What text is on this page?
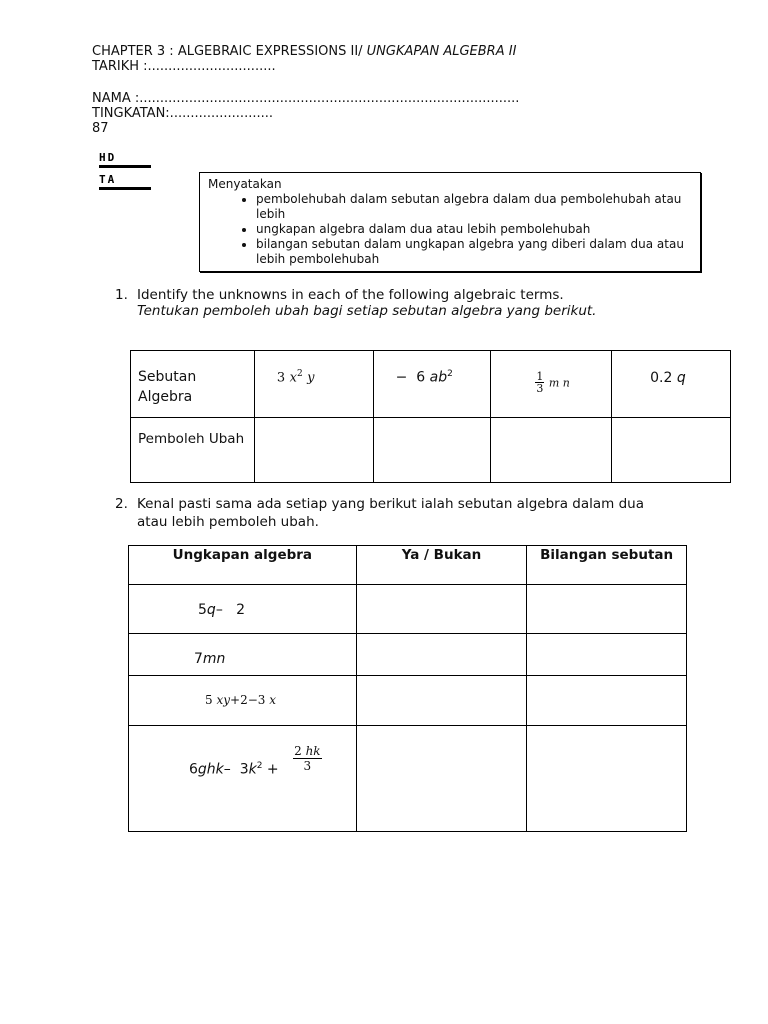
CHAPTER 3 : ALGEBRAIC EXPRESSIONS II/ UNGKAPAN ALGEBRA II
TARIKH :...............................
NAMA :............................................................................................
TINGKATAN:.........................
87
HD
TA	Menyatakan
• pembolehubah dalam sebutan algebra dalam dua pembolehubah atau lebih
• ungkapan algebra dalam dua atau lebih pembolehubah
• bilangan sebutan dalam ungkapan algebra yang diberi dalam dua atau lebih pembolehubah
1. Identify the unknowns in each of the following algebraic terms.
Tentukan pemboleh ubah bagi setiap sebutan algebra yang berikut.
Sebutan Algebra	3 $x^2$ y	− 6 $ab^2$	$\frac{1}{3}$ m n	0.2 q
Pemboleh Ubah				
2. Kenal pasti sama ada setiap yang berikut ialah sebutan algebra dalam dua
atau lebih pemboleh ubah.
Ungkapan algebra	Ya / Bukan	Bilangan sebutan
5q– 2		
7mn		
5 xy+2−3 x		
6ghk–  $3k^2 + \frac{2 hk}{3}$
